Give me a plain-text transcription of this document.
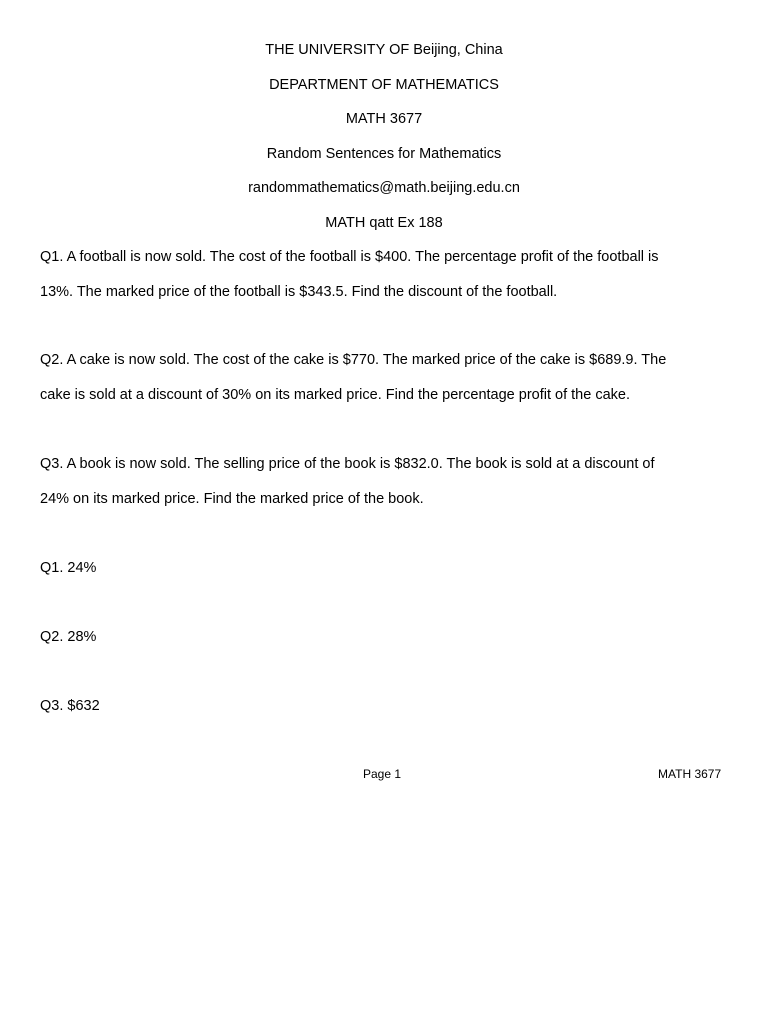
THE UNIVERSITY OF Beijing, China
DEPARTMENT OF MATHEMATICS
MATH 3677
Random Sentences for Mathematics
randommathematics@math.beijing.edu.cn
MATH qatt Ex 188
Q1. A football is now sold. The cost of the football is $400. The percentage profit of the football is
13%. The marked price of the football is $343.5. Find the discount of the football.
Q2. A cake is now sold. The cost of the cake is $770. The marked price of the cake is $689.9. The
cake is sold at a discount of 30% on its marked price. Find the percentage profit of the cake.
Q3. A book is now sold. The selling price of the book is $832.0. The book is sold at a discount of
24% on its marked price. Find the marked price of the book.
Q1. 24%
Q2. 28%
Q3. $632
Page 1	MATH 3677
